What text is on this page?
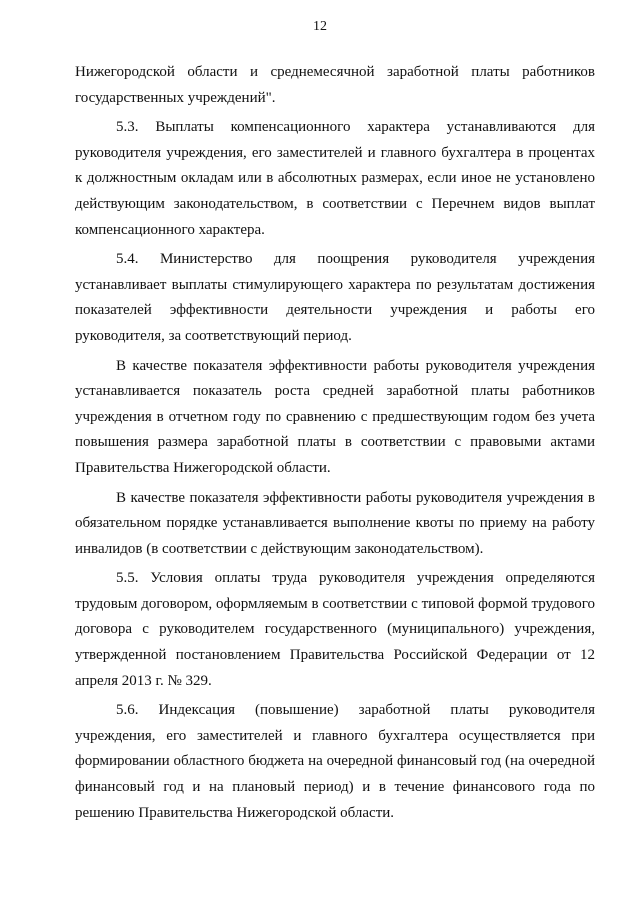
12

Нижегородской области и среднемесячной заработной платы работников государственных учреждений".

5.3. Выплаты компенсационного характера устанавливаются для руководителя учреждения, его заместителей и главного бухгалтера в процентах к должностным окладам или в абсолютных размерах, если иное не установлено действующим законодательством, в соответствии с Перечнем видов выплат компенсационного характера.

5.4. Министерство для поощрения руководителя учреждения устанавливает выплаты стимулирующего характера по результатам достижения показателей эффективности деятельности учреждения и работы его руководителя, за соответствующий период.

В качестве показателя эффективности работы руководителя учреждения устанавливается показатель роста средней заработной платы работников учреждения в отчетном году по сравнению с предшествующим годом без учета повышения размера заработной платы в соответствии с правовыми актами Правительства Нижегородской области.

В качестве показателя эффективности работы руководителя учреждения в обязательном порядке устанавливается выполнение квоты по приему на работу инвалидов (в соответствии с действующим законодательством).

5.5. Условия оплаты труда руководителя учреждения определяются трудовым договором, оформляемым в соответствии с типовой формой трудового договора с руководителем государственного (муниципального) учреждения, утвержденной постановлением Правительства Российской Федерации от 12 апреля 2013 г. № 329.

5.6. Индексация (повышение) заработной платы руководителя учреждения, его заместителей и главного бухгалтера осуществляется при формировании областного бюджета на очередной финансовый год (на очередной финансовый год и на плановый период) и в течение финансового года по решению Правительства Нижегородской области.
